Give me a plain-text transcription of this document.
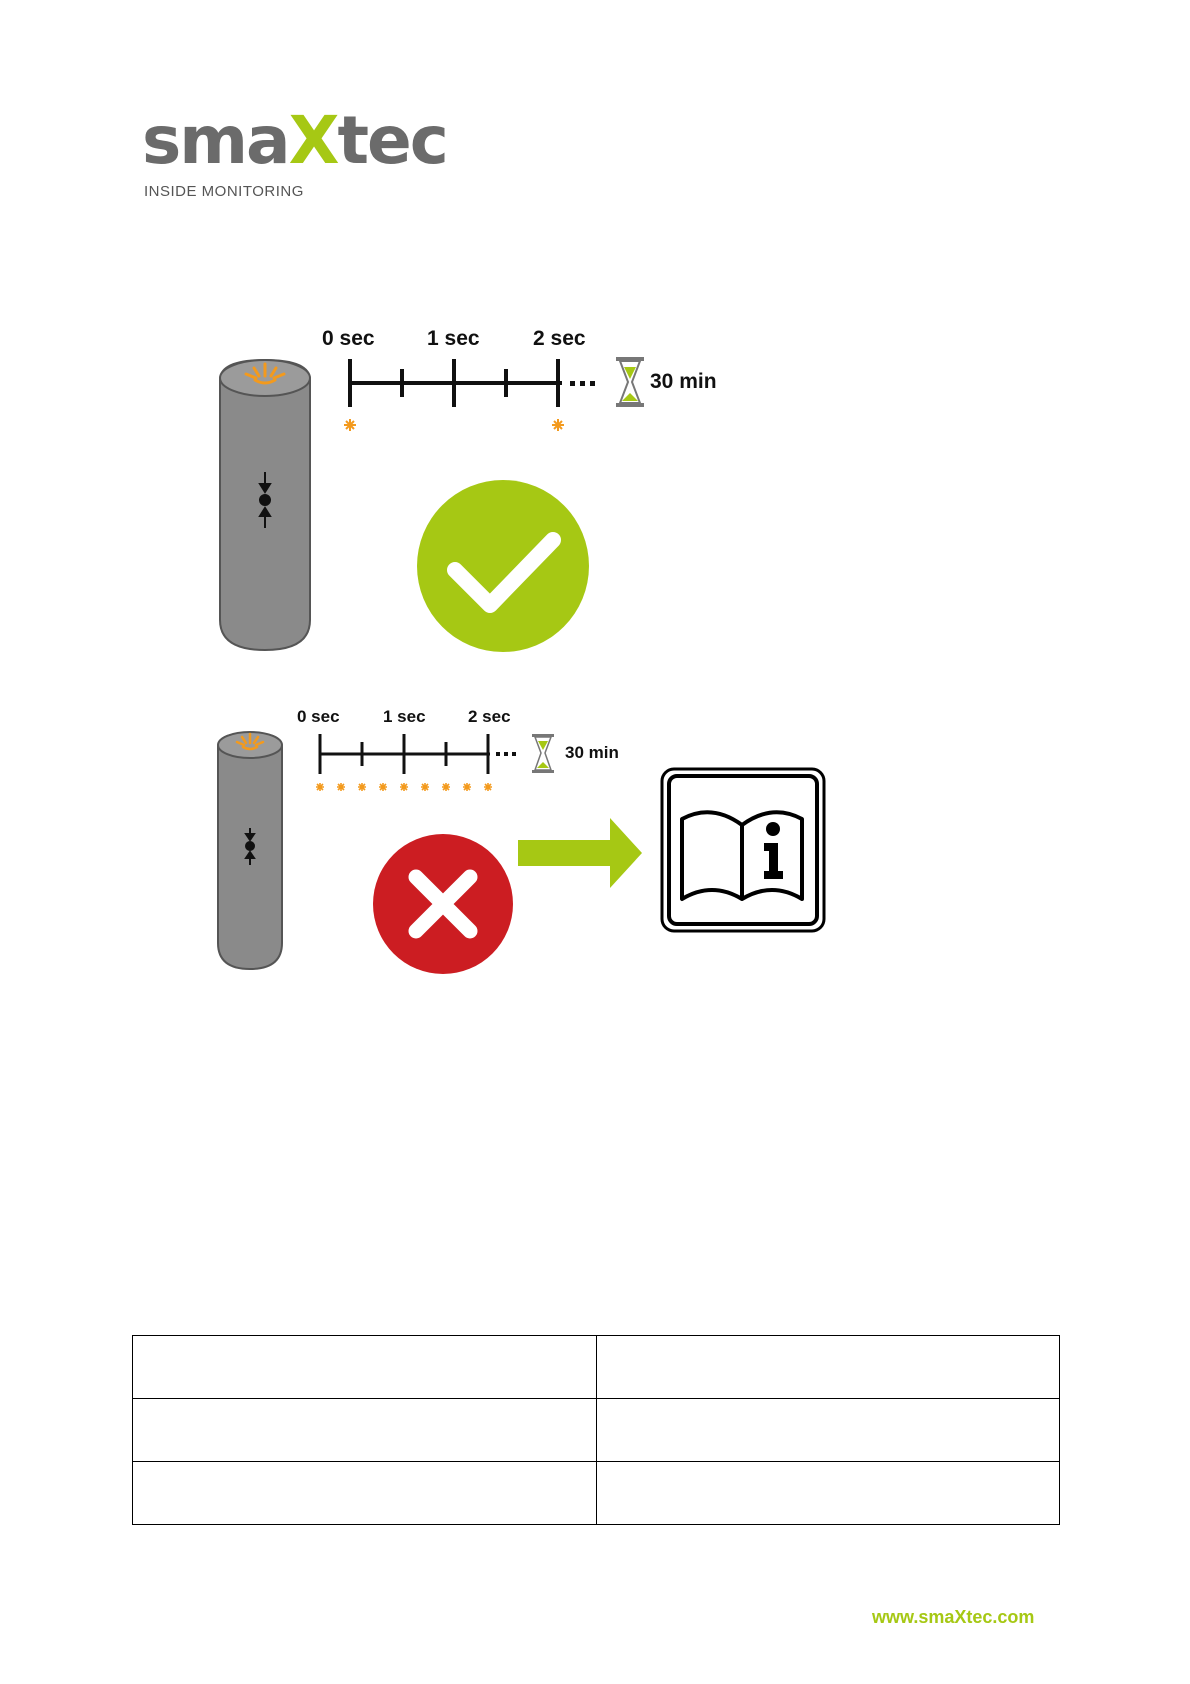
smaXtec
INSIDE MONITORING
0 sec 1 sec	2 sec
30 min
0 sec	1 sec 2 sec
30 min

www.smaXtec.com
